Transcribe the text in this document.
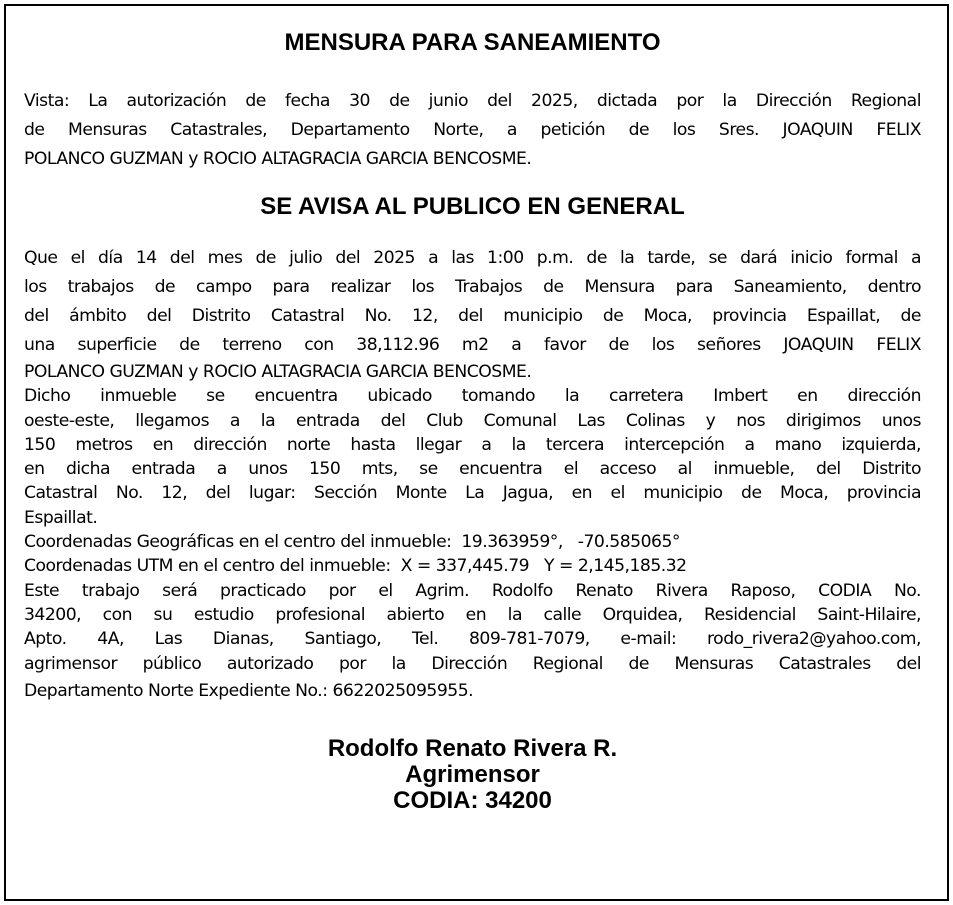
MENSURA PARA SANEAMIENTO
Vista: La autorización de fecha 30 de junio del 2025, dictada por la Dirección Regional
de Mensuras Catastrales, Departamento Norte, a petición de los Sres. JOAQUIN FELIX
POLANCO GUZMAN y ROCIO ALTAGRACIA GARCIA BENCOSME.
SE AVISA AL PUBLICO EN GENERAL
Que el día 14 del mes de julio del 2025 a las 1:00 p.m. de la tarde, se dará inicio formal a
los trabajos de campo para realizar los Trabajos de Mensura para Saneamiento, dentro
del ámbito del Distrito Catastral No. 12, del municipio de Moca, provincia Espaillat, de
una superficie de terreno con 38,112.96 m2 a favor de los señores JOAQUIN FELIX
POLANCO GUZMAN y ROCIO ALTAGRACIA GARCIA BENCOSME.
Dicho inmueble se encuentra ubicado tomando la carretera Imbert en dirección
oeste-este, llegamos a la entrada del Club Comunal Las Colinas y nos dirigimos unos
150 metros en dirección norte hasta llegar a la tercera intercepción a mano izquierda,
en dicha entrada a unos 150 mts, se encuentra el acceso al inmueble, del Distrito
Catastral No. 12, del lugar: Sección Monte La Jagua, en el municipio de Moca, provincia
Espaillat.
Coordenadas Geográficas en el centro del inmueble:  19.363959°,   -70.585065°
Coordenadas UTM en el centro del inmueble:  X = 337,445.79   Y = 2,145,185.32
Este trabajo será practicado por el Agrim. Rodolfo Renato Rivera Raposo, CODIA No.
34200, con su estudio profesional abierto en la calle Orquidea, Residencial Saint-Hilaire,
Apto. 4A, Las Dianas, Santiago, Tel. 809-781-7079, e-mail: rodo_rivera2@yahoo.com,
agrimensor público autorizado por la Dirección Regional de Mensuras Catastrales del
Departamento Norte Expediente No.: 6622025095955.

Rodolfo Renato Rivera R.

Agrimensor

CODIA: 34200
